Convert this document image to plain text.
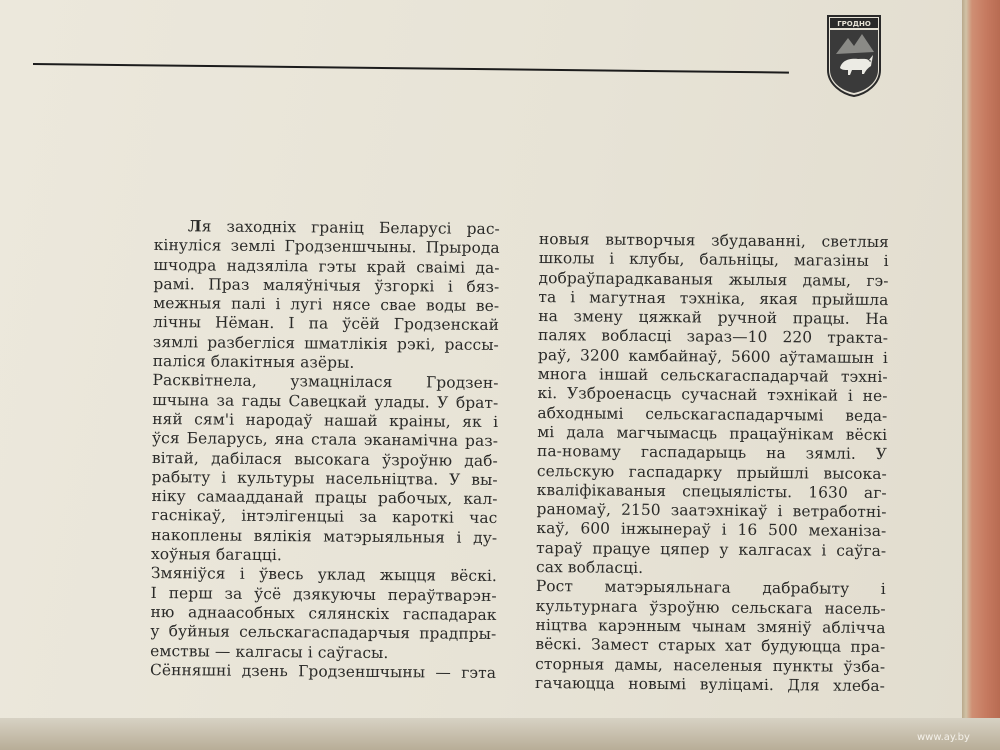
ГРОДНО
Ля заходніх граніц Беларусі рас-
кінуліся землі Гродзеншчыны. Прырода
шчодра надзяліла гэты край сваімі да-
рамі. Праз маляўнічыя ўзгоркі і бяз-
межныя палі і лугі нясе свае воды ве-
лічны Нёман. І па ўсёй Гродзенскай
зямлі разбегліся шматлікія рэкі, рассы-
паліся блакітныя азёры.
Расквітнела, узмацнілася Гродзен-
шчына за гады Савецкай улады. У брат-
няй сям'і народаў нашай краіны, як і
ўся Беларусь, яна стала эканамічна раз-
вітай, дабілася высокага ўзроўню даб-
рабыту і культуры насельніцтва. У вы-
ніку самаадданай працы рабочых, кал-
гаснікаў, інтэлігенцыі за кароткі час
накоплены вялікія матэрыяльныя і ду-
хоўныя багацці.
Змяніўся і ўвесь уклад жыцця вёскі.
І перш за ўсё дзякуючы пераўтварэн-
ню аднаасобных сялянскіх гаспадарак
у буйныя сельскагаспадарчыя прадпры-
емствы — калгасы і саўгасы.
Сённяшні дзень Гродзеншчыны — гэта
новыя вытворчыя збудаванні, светлыя
школы і клубы, бальніцы, магазіны і
добраўпарадкаваныя жылыя дамы, гэ-
та і магутная тэхніка, якая прыйшла
на змену цяжкай ручной працы. На
палях вобласці зараз—10 220 трактa-
раў, 3200 камбайнаў, 5600 аўтамашын і
многа іншай сельскагаспадарчай тэхні-
кі. Узброенасць сучаснай тэхнікай і не-
абходнымі сельскагаспадарчымі веда-
мі дала магчымасць працаўнікам вёскі
па-новаму гаспадарыць на зямлі. У
сельскую гаспадарку прыйшлі высока-
кваліфікаваныя спецыялісты. 1630 аг-
раномаў, 2150 заатэхнікаў і ветработні-
каў, 600 інжынераў і 16 500 механіза-
тараў працуе цяпер у калгасах і саўга-
сах вобласці.
Рост матэрыяльнага дабрабыту і
культурнага ўзроўню сельскага насель-
ніцтва карэнным чынам змяніў аблічча
вёскі. Замест старых хат будуюцца пра-
сторныя дамы, населеныя пункты ўзба-
гачаюцца новымі вуліцамі. Для хлеба-
www.ay.by
